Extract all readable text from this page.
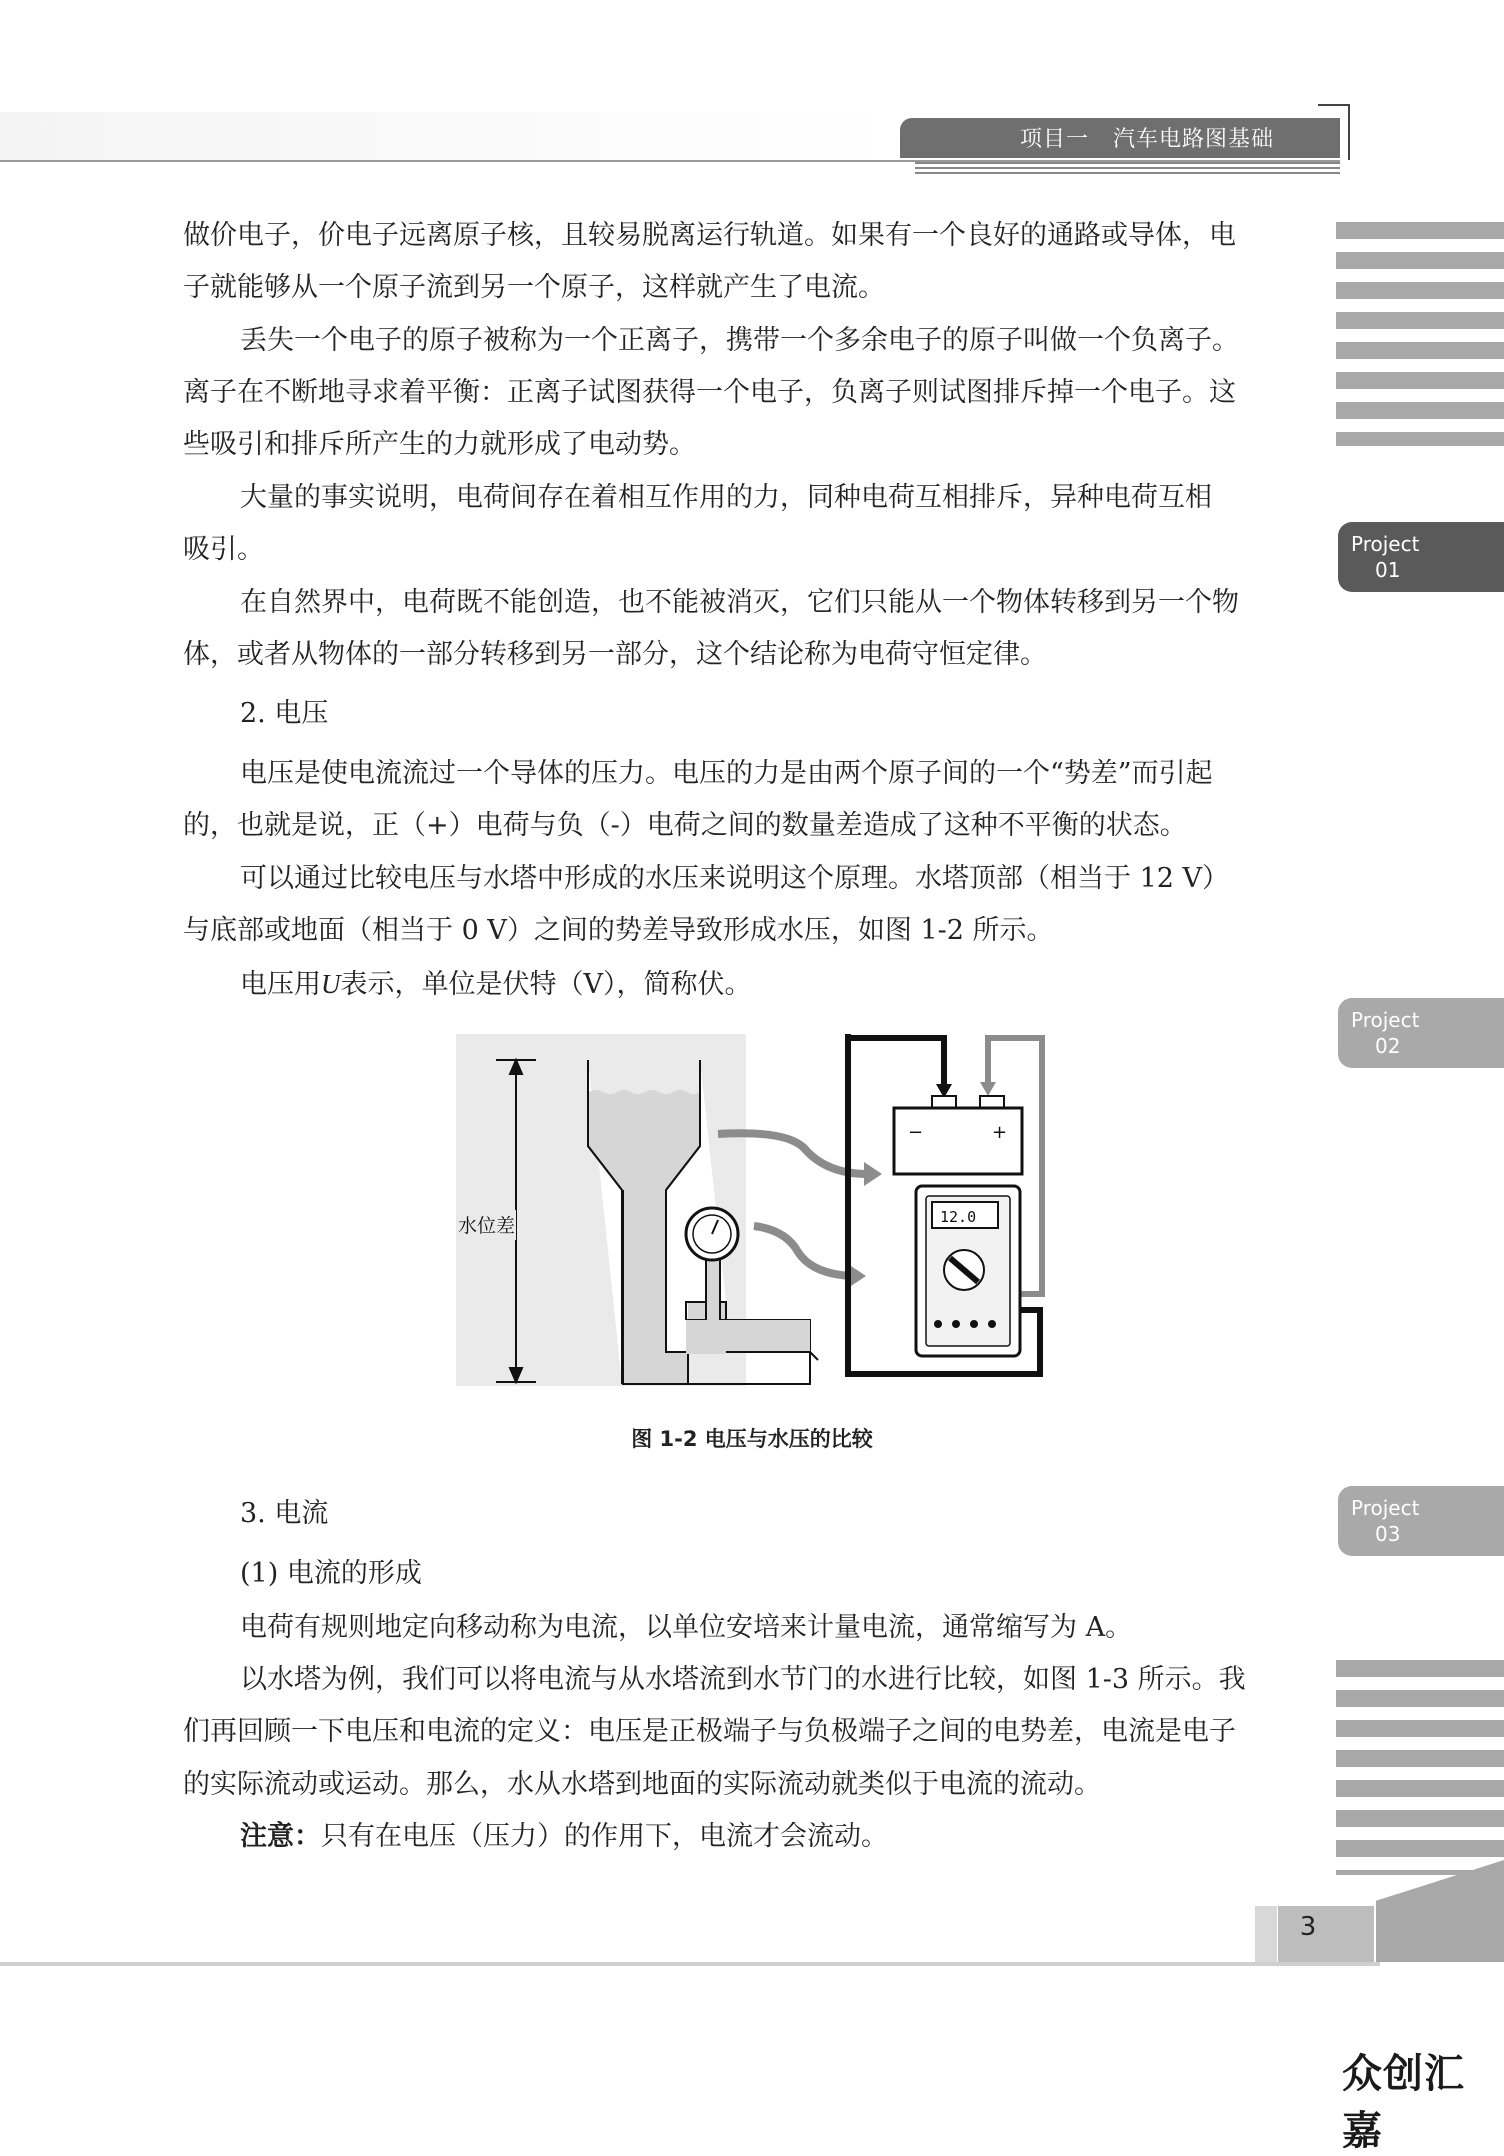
项目一   汽车电路图基础
Project
01
Project
02
Project
03
做价电子，价电子远离原子核，且较易脱离运行轨道。如果有一个良好的通路或导体，电
子就能够从一个原子流到另一个原子，这样就产生了电流。
丢失一个电子的原子被称为一个正离子，携带一个多余电子的原子叫做一个负离子。
离子在不断地寻求着平衡：正离子试图获得一个电子，负离子则试图排斥掉一个电子。这
些吸引和排斥所产生的力就形成了电动势。
大量的事实说明，电荷间存在着相互作用的力，同种电荷互相排斥，异种电荷互相
吸引。
在自然界中，电荷既不能创造，也不能被消灭，它们只能从一个物体转移到另一个物
体，或者从物体的一部分转移到另一部分，这个结论称为电荷守恒定律。
2. 电压
电压是使电流流过一个导体的压力。电压的力是由两个原子间的一个“势差”而引起
的，也就是说，正（+）电荷与负（-）电荷之间的数量差造成了这种不平衡的状态。
可以通过比较电压与水塔中形成的水压来说明这个原理。水塔顶部（相当于 12 V）
与底部或地面（相当于 0 V）之间的势差导致形成水压，如图 1-2 所示。
电压用U表示，单位是伏特（V），简称伏。
水位差
−	+
12.0
图 1-2 电压与水压的比较
3. 电流
(1) 电流的形成
电荷有规则地定向移动称为电流，以单位安培来计量电流，通常缩写为 A。
以水塔为例，我们可以将电流与从水塔流到水节门的水进行比较，如图 1-3 所示。我
们再回顾一下电压和电流的定义：电压是正极端子与负极端子之间的电势差，电流是电子
的实际流动或运动。那么，水从水塔到地面的实际流动就类似于电流的流动。
注意：只有在电压（压力）的作用下，电流才会流动。
3
众创汇嘉
